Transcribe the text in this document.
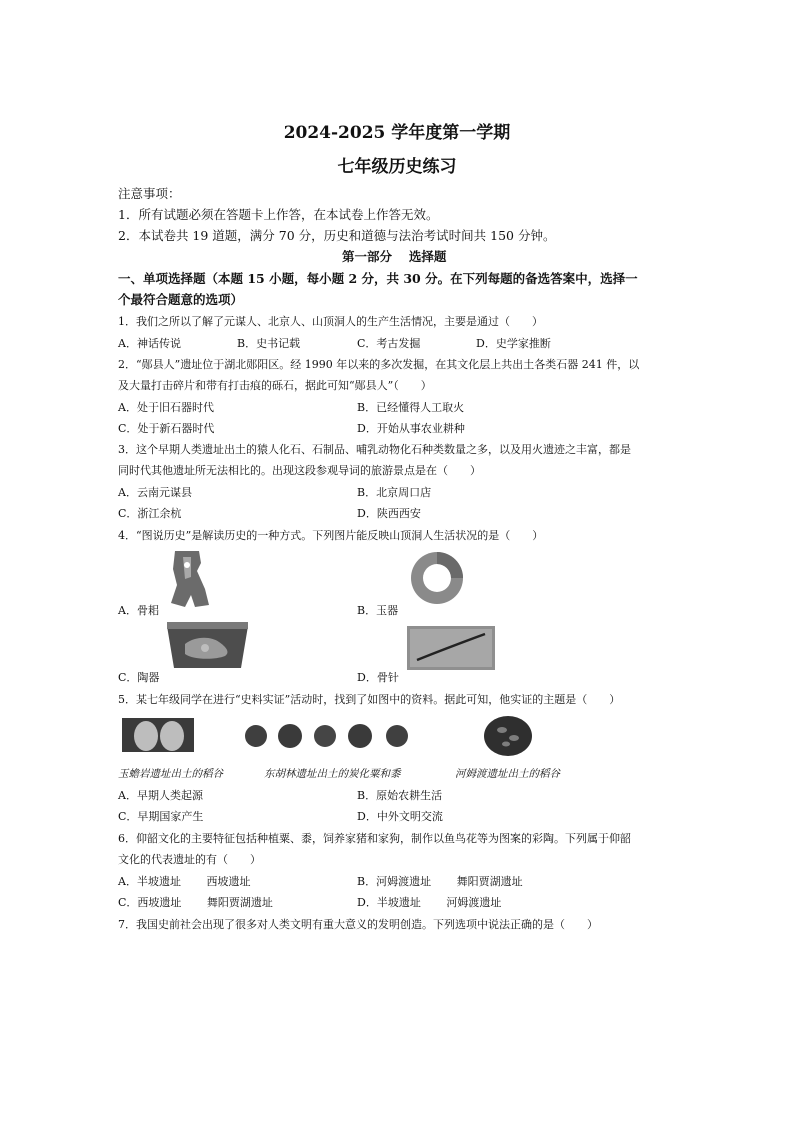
2024-2025 学年度第一学期
七年级历史练习
注意事项：
1．所有试题必须在答题卡上作答，在本试卷上作答无效。
2．本试卷共 19 道题，满分 70 分，历史和道德与法治考试时间共 150 分钟。
第一部分　 选择题
一、单项选择题（本题 15 小题，每小题 2 分，共 30 分。在下列每题的备选答案中，选择一
个最符合题意的选项）
1．我们之所以了解了元谋人、北京人、山顶洞人的生产生活情况，主要是通过（　　）
A．神话传说	B．史书记载	C．考古发掘	D．史学家推断
2．“郧县人”遗址位于湖北郧阳区。经 1990 年以来的多次发掘，在其文化层上共出土各类石器 241 件，以
及大量打击碎片和带有打击痕的砾石，据此可知“郧县人”（　　）
A．处于旧石器时代	B．已经懂得人工取火
C．处于新石器时代	D．开始从事农业耕种
3．这个早期人类遗址出土的猿人化石、石制品、哺乳动物化石种类数量之多，以及用火遗迹之丰富，都是
同时代其他遗址所无法相比的。出现这段参观导词的旅游景点是在（　　）
A．云南元谋县	B．北京周口店
C．浙江余杭	D．陕西西安
4．“图说历史”是解读历史的一种方式。下列图片能反映山顶洞人生活状况的是（　　）
A．骨耜	B．玉器
C．陶器	D．骨针
5．某七年级同学在进行“史料实证”活动时，找到了如图中的资料。据此可知，他实证的主题是（　　）
玉蟾岩遗址出土的稻谷	东胡林遗址出土的炭化粟和黍	河姆渡遗址出土的稻谷
A．早期人类起源	B．原始农耕生活
C．早期国家产生	D．中外文明交流
6．仰韶文化的主要特征包括种植粟、黍，饲养家猪和家狗，制作以鱼鸟花等为图案的彩陶。下列属于仰韶
文化的代表遗址的有（　　）
A．半坡遗址　　 西坡遗址	B．河姆渡遗址　　 舞阳贾湖遗址
C．西坡遗址　　 舞阳贾湖遗址	D．半坡遗址　　 河姆渡遗址
7．我国史前社会出现了很多对人类文明有重大意义的发明创造。下列选项中说法正确的是（　　）
